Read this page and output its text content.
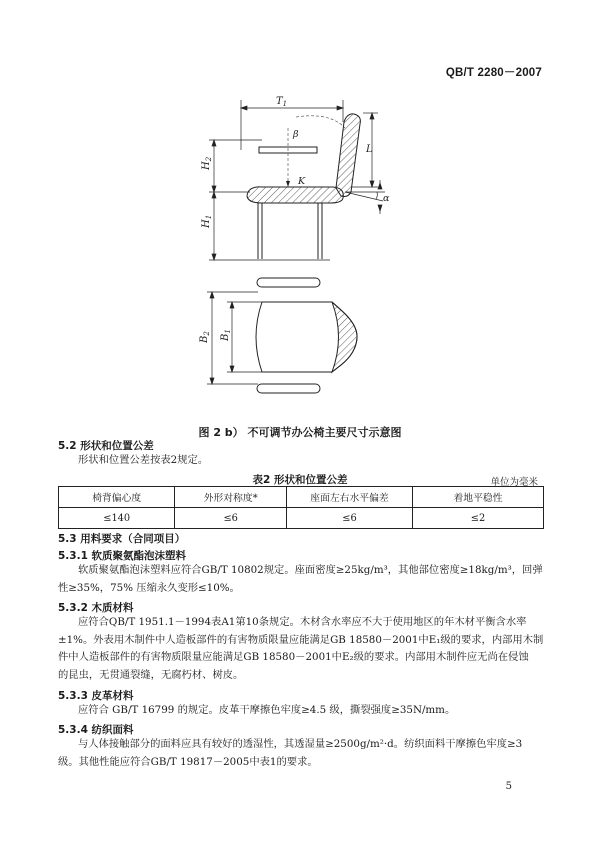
QB/T 2280－2007
$T_1$
β
K
$H_2$
$H_1$
L
α
$B_2$
$B_1$
图 2 b） 不可调节办公椅主要尺寸示意图
5.2 形状和位置公差
形状和位置公差按表2规定。
表2 形状和位置公差	单位为毫米
椅背偏心度	外形对称度*	座面左右水平偏差	着地平稳性
≤140	≤6	≤6	≤2
5.3 用料要求（合同项目）
5.3.1 软质聚氨酯泡沫塑料
软质聚氨酯泡沫塑料应符合GB/T 10802规定。座面密度≥25kg/m³，其他部位密度≥18kg/m³，回弹
性≥35%，75% 压缩永久变形≤10%。
5.3.2 木质材料
应符合QB/T 1951.1－1994表A1第10条规定。木材含水率应不大于使用地区的年木材平衡含水率
±1%。外表用木制件中人造板部件的有害物质限量应能满足GB 18580－2001中E₁级的要求，内部用木制
件中人造板部件的有害物质限量应能满足GB 18580－2001中E₂级的要求。内部用木制件应无尚在侵蚀
的昆虫，无贯通裂缝，无腐朽材、树皮。
5.3.3 皮革材料
应符合 GB/T 16799 的规定。皮革干摩擦色牢度≥4.5 级，撕裂强度≥35N/mm。
5.3.4 纺织面料
与人体接触部分的面料应具有较好的透湿性，其透湿量≥2500g/m²·d。纺织面料干摩擦色牢度≥3
级。其他性能应符合GB/T 19817－2005中表1的要求。
5
